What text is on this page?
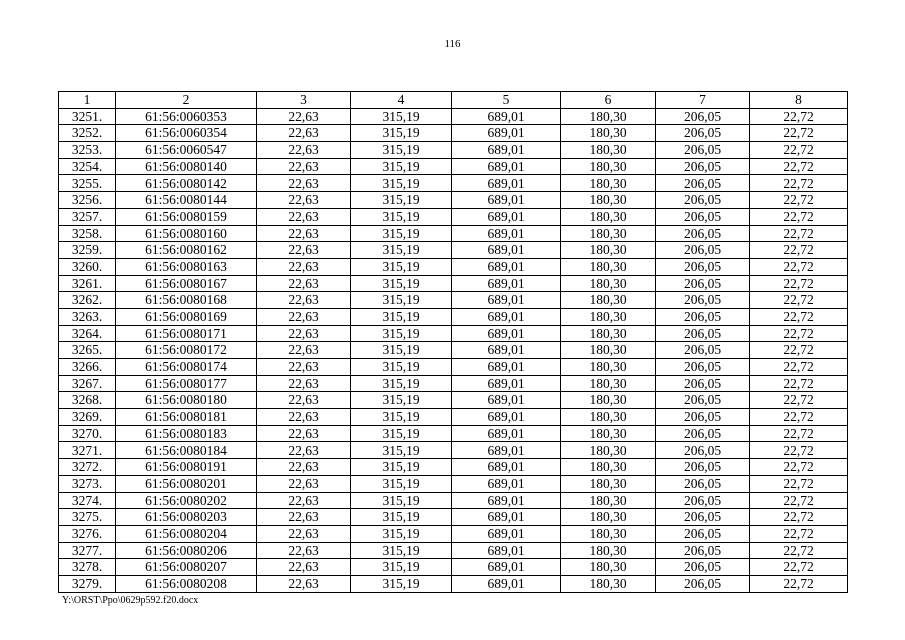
116
1	2	3	4	5	6	7	8
3251.	61:56:0060353	22,63	315,19	689,01	180,30	206,05	22,72
3252.	61:56:0060354	22,63	315,19	689,01	180,30	206,05	22,72
3253.	61:56:0060547	22,63	315,19	689,01	180,30	206,05	22,72
3254.	61:56:0080140	22,63	315,19	689,01	180,30	206,05	22,72
3255.	61:56:0080142	22,63	315,19	689,01	180,30	206,05	22,72
3256.	61:56:0080144	22,63	315,19	689,01	180,30	206,05	22,72
3257.	61:56:0080159	22,63	315,19	689,01	180,30	206,05	22,72
3258.	61:56:0080160	22,63	315,19	689,01	180,30	206,05	22,72
3259.	61:56:0080162	22,63	315,19	689,01	180,30	206,05	22,72
3260.	61:56:0080163	22,63	315,19	689,01	180,30	206,05	22,72
3261.	61:56:0080167	22,63	315,19	689,01	180,30	206,05	22,72
3262.	61:56:0080168	22,63	315,19	689,01	180,30	206,05	22,72
3263.	61:56:0080169	22,63	315,19	689,01	180,30	206,05	22,72
3264.	61:56:0080171	22,63	315,19	689,01	180,30	206,05	22,72
3265.	61:56:0080172	22,63	315,19	689,01	180,30	206,05	22,72
3266.	61:56:0080174	22,63	315,19	689,01	180,30	206,05	22,72
3267.	61:56:0080177	22,63	315,19	689,01	180,30	206,05	22,72
3268.	61:56:0080180	22,63	315,19	689,01	180,30	206,05	22,72
3269.	61:56:0080181	22,63	315,19	689,01	180,30	206,05	22,72
3270.	61:56:0080183	22,63	315,19	689,01	180,30	206,05	22,72
3271.	61:56:0080184	22,63	315,19	689,01	180,30	206,05	22,72
3272.	61:56:0080191	22,63	315,19	689,01	180,30	206,05	22,72
3273.	61:56:0080201	22,63	315,19	689,01	180,30	206,05	22,72
3274.	61:56:0080202	22,63	315,19	689,01	180,30	206,05	22,72
3275.	61:56:0080203	22,63	315,19	689,01	180,30	206,05	22,72
3276.	61:56:0080204	22,63	315,19	689,01	180,30	206,05	22,72
3277.	61:56:0080206	22,63	315,19	689,01	180,30	206,05	22,72
3278.	61:56:0080207	22,63	315,19	689,01	180,30	206,05	22,72
3279.	61:56:0080208	22,63	315,19	689,01	180,30	206,05	22,72
Y:\ORST\Ppo\0629p592.f20.docx
